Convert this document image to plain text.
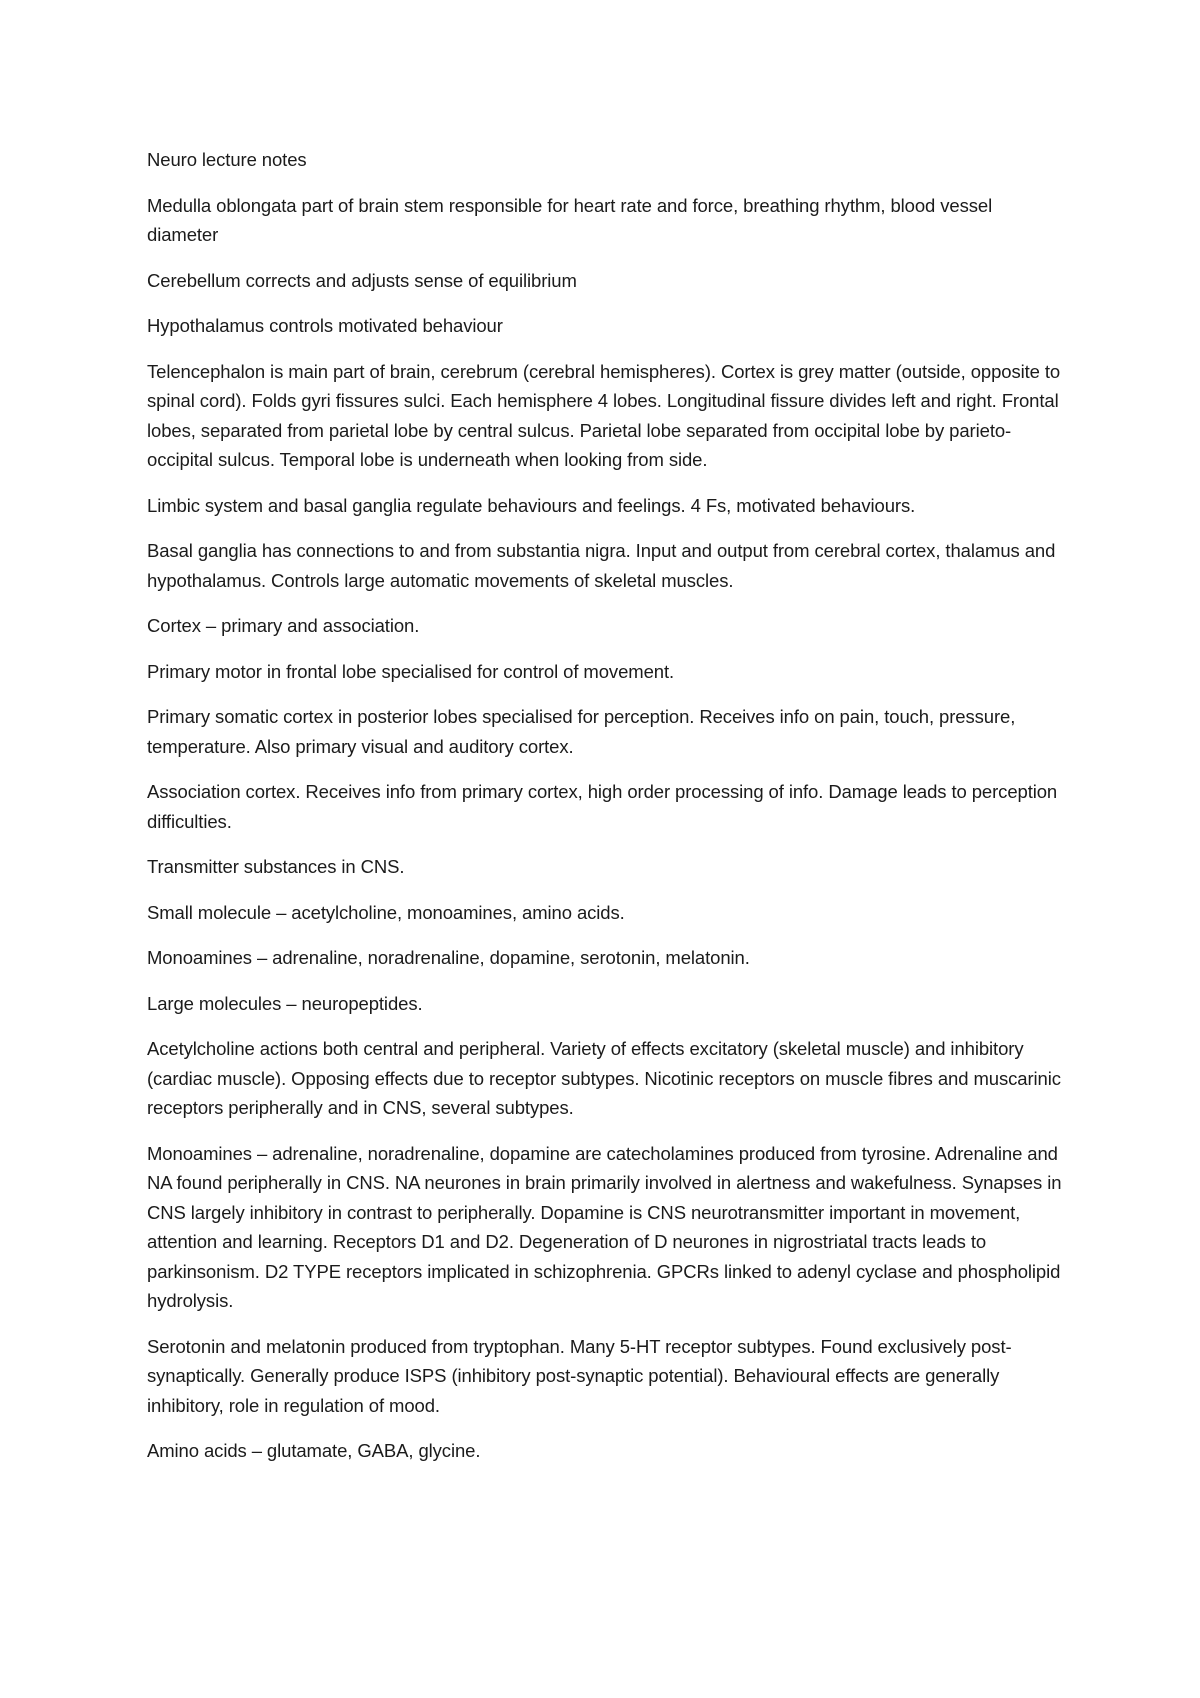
Neuro lecture notes

Medulla oblongata part of brain stem responsible for heart rate and force, breathing rhythm, blood vessel diameter

Cerebellum corrects and adjusts sense of equilibrium

Hypothalamus controls motivated behaviour

Telencephalon is main part of brain, cerebrum (cerebral hemispheres). Cortex is grey matter (outside, opposite to spinal cord). Folds gyri fissures sulci. Each hemisphere 4 lobes. Longitudinal fissure divides left and right. Frontal lobes, separated from parietal lobe by central sulcus. Parietal lobe separated from occipital lobe by parieto-occipital sulcus. Temporal lobe is underneath when looking from side.

Limbic system and basal ganglia regulate behaviours and feelings. 4 Fs, motivated behaviours.

Basal ganglia has connections to and from substantia nigra. Input and output from cerebral cortex, thalamus and hypothalamus. Controls large automatic movements of skeletal muscles.

Cortex – primary and association.

Primary motor in frontal lobe specialised for control of movement.

Primary somatic cortex in posterior lobes specialised for perception. Receives info on pain, touch, pressure, temperature. Also primary visual and auditory cortex.

Association cortex. Receives info from primary cortex, high order processing of info. Damage leads to perception difficulties.

Transmitter substances in CNS.

Small molecule – acetylcholine, monoamines, amino acids.

Monoamines – adrenaline, noradrenaline, dopamine, serotonin, melatonin.

Large molecules – neuropeptides.

Acetylcholine actions both central and peripheral. Variety of effects excitatory (skeletal muscle) and inhibitory (cardiac muscle). Opposing effects due to receptor subtypes. Nicotinic receptors on muscle fibres and muscarinic receptors peripherally and in CNS, several subtypes.

Monoamines – adrenaline, noradrenaline, dopamine are catecholamines produced from tyrosine. Adrenaline and NA found peripherally in CNS. NA neurones in brain primarily involved in alertness and wakefulness. Synapses in CNS largely inhibitory in contrast to peripherally. Dopamine is CNS neurotransmitter important in movement, attention and learning. Receptors D1 and D2. Degeneration of D neurones in nigrostriatal tracts leads to parkinsonism. D2 TYPE receptors implicated in schizophrenia. GPCRs linked to adenyl cyclase and phospholipid hydrolysis.

Serotonin and melatonin produced from tryptophan. Many 5-HT receptor subtypes. Found exclusively post-synaptically. Generally produce ISPS (inhibitory post-synaptic potential). Behavioural effects are generally inhibitory, role in regulation of mood.

Amino acids – glutamate, GABA, glycine.
